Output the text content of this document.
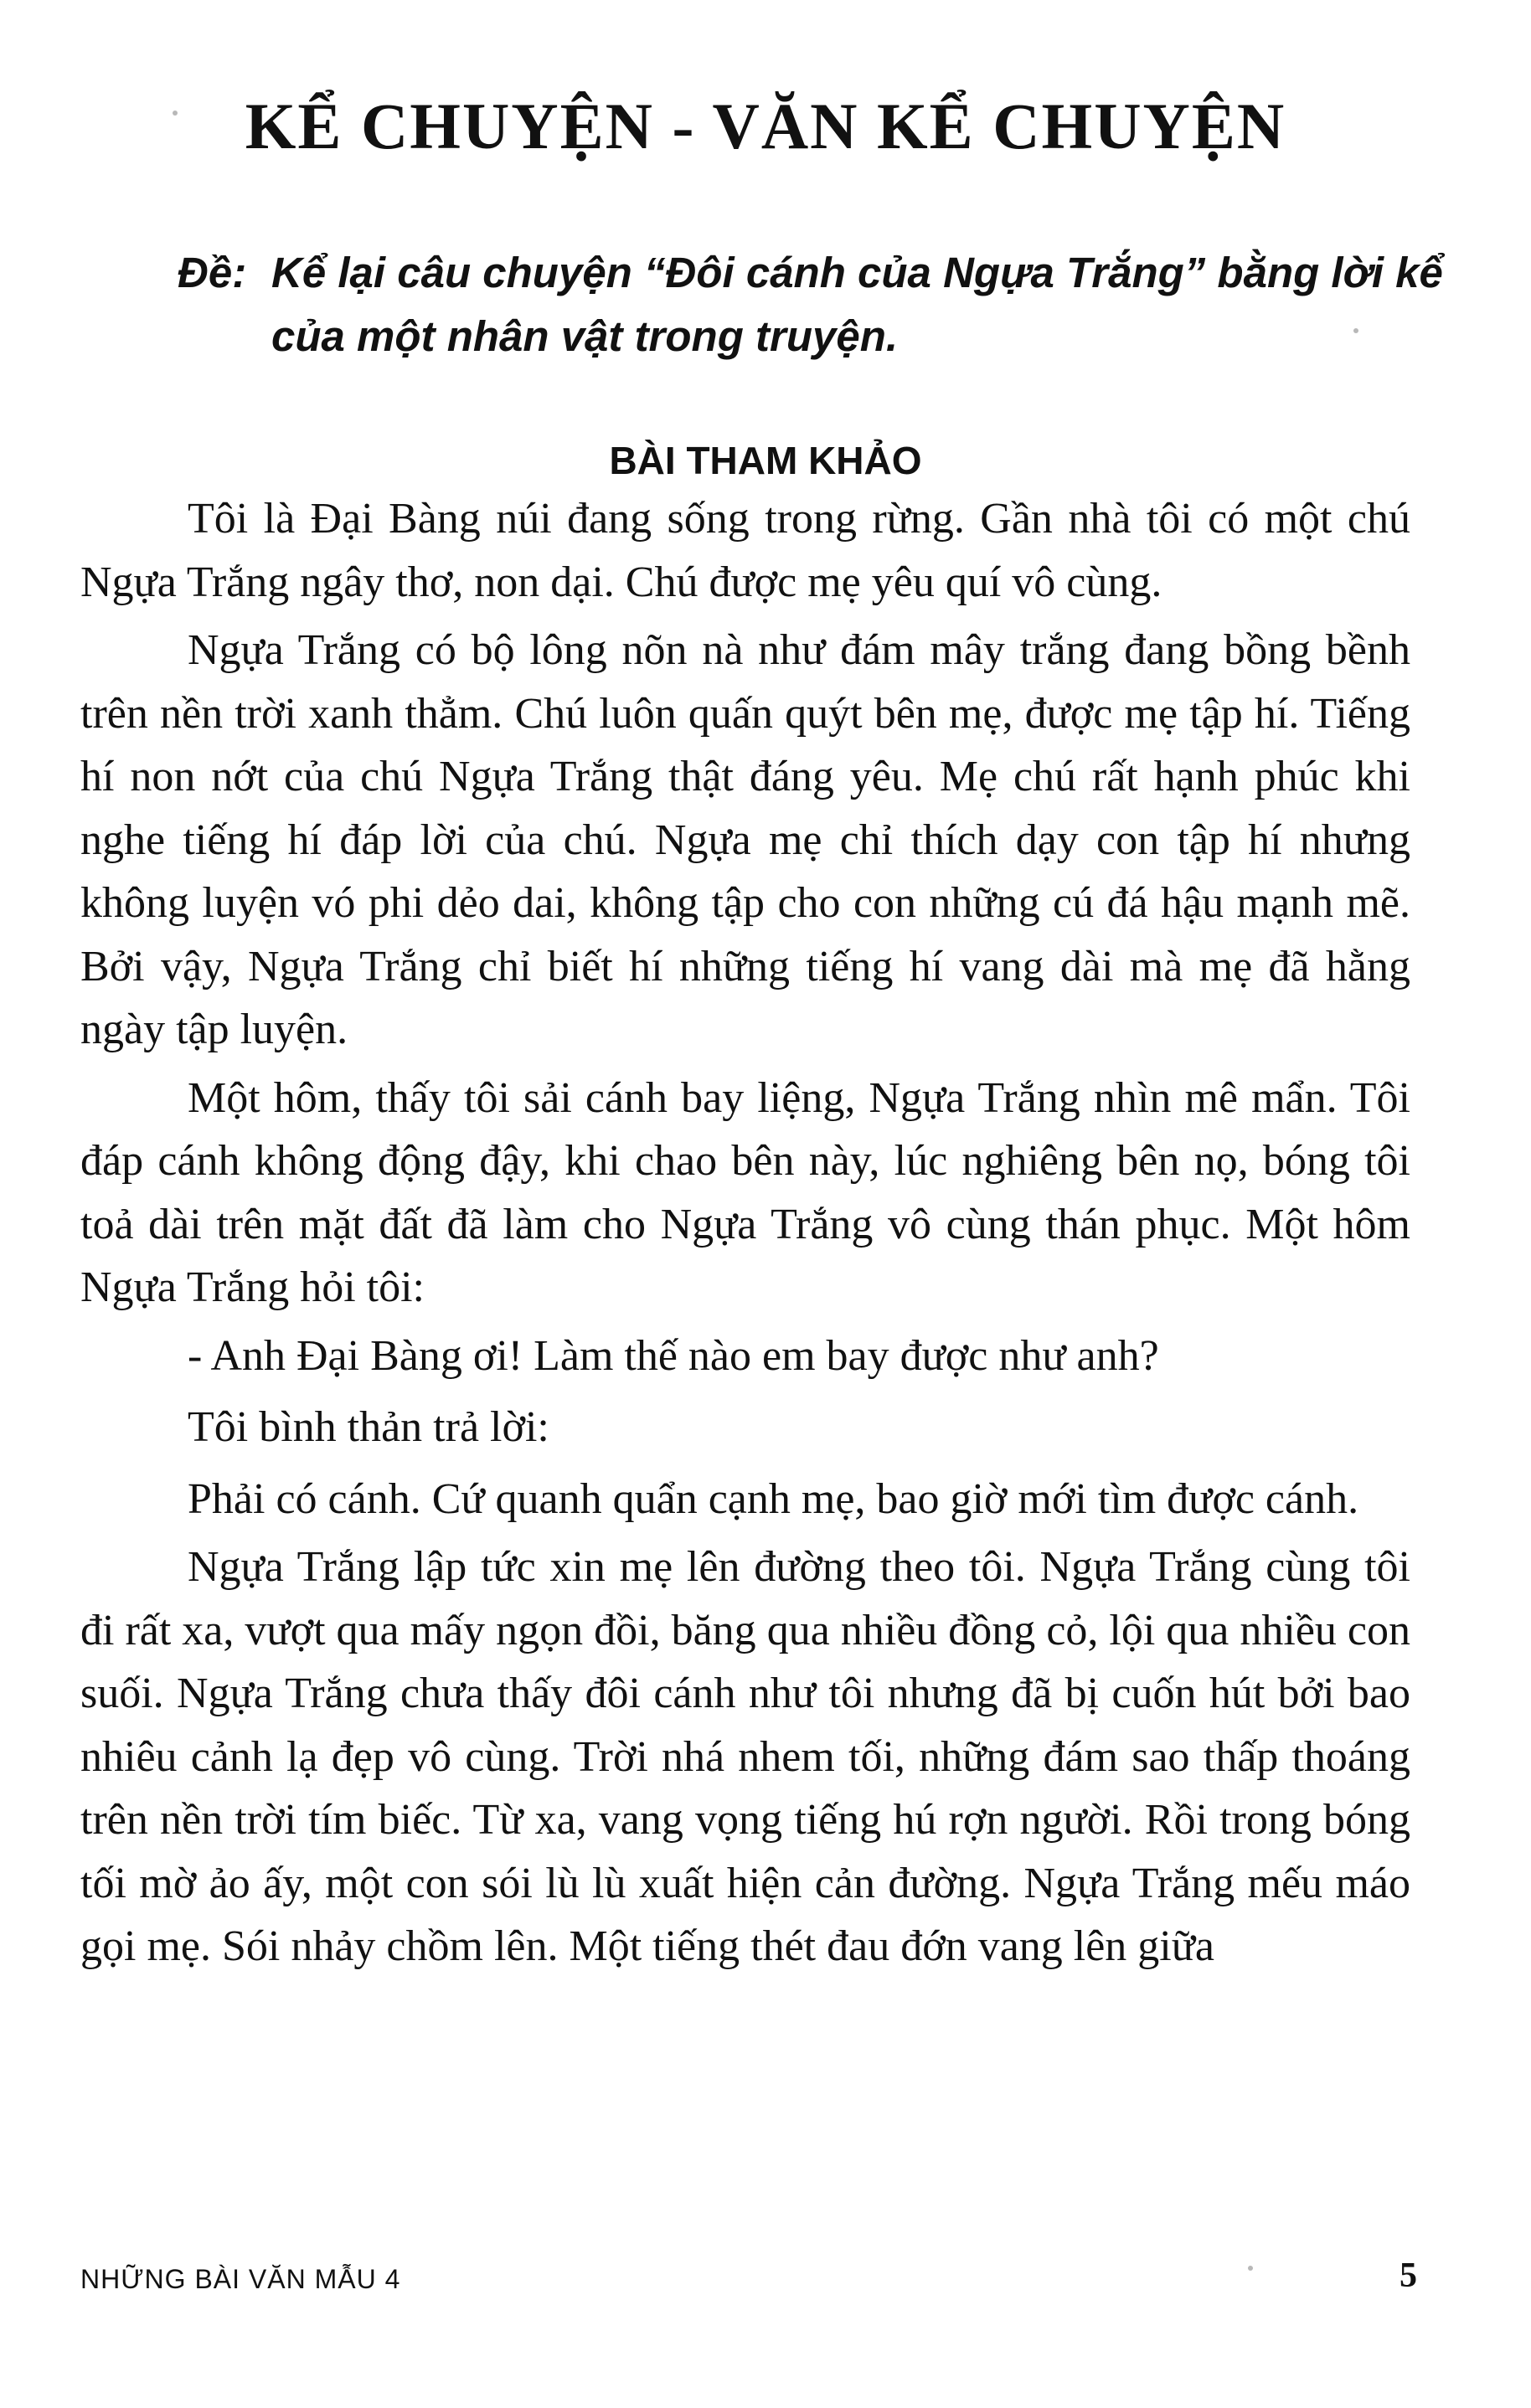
KỂ CHUYỆN - VĂN KỂ CHUYỆN
Đề: Kể lại câu chuyện “Đôi cánh của Ngựa Trắng” bằng lời kể của một nhân vật trong truyện.
BÀI THAM KHẢO

Tôi là Đại Bàng núi đang sống trong rừng. Gần nhà tôi có một chú Ngựa Trắng ngây thơ, non dại. Chú được mẹ yêu quí vô cùng.

Ngựa Trắng có bộ lông nõn nà như đám mây trắng đang bồng bềnh trên nền trời xanh thẳm. Chú luôn quấn quýt bên mẹ, được mẹ tập hí. Tiếng hí non nớt của chú Ngựa Trắng thật đáng yêu. Mẹ chú rất hạnh phúc khi nghe tiếng hí đáp lời của chú. Ngựa mẹ chỉ thích dạy con tập hí nhưng không luyện vó phi dẻo dai, không tập cho con những cú đá hậu mạnh mẽ. Bởi vậy, Ngựa Trắng chỉ biết hí những tiếng hí vang dài mà mẹ đã hằng ngày tập luyện.

Một hôm, thấy tôi sải cánh bay liệng, Ngựa Trắng nhìn mê mẩn. Tôi đáp cánh không động đậy, khi chao bên này, lúc nghiêng bên nọ, bóng tôi toả dài trên mặt đất đã làm cho Ngựa Trắng vô cùng thán phục. Một hôm Ngựa Trắng hỏi tôi:

- Anh Đại Bàng ơi! Làm thế nào em bay được như anh?

Tôi bình thản trả lời:

Phải có cánh. Cứ quanh quẩn cạnh mẹ, bao giờ mới tìm được cánh.

Ngựa Trắng lập tức xin mẹ lên đường theo tôi. Ngựa Trắng cùng tôi đi rất xa, vượt qua mấy ngọn đồi, băng qua nhiều đồng cỏ, lội qua nhiều con suối. Ngựa Trắng chưa thấy đôi cánh như tôi nhưng đã bị cuốn hút bởi bao nhiêu cảnh lạ đẹp vô cùng. Trời nhá nhem tối, những đám sao thấp thoáng trên nền trời tím biếc. Từ xa, vang vọng tiếng hú rợn người. Rồi trong bóng tối mờ ảo ấy, một con sói lù lù xuất hiện cản đường. Ngựa Trắng mếu máo gọi mẹ. Sói nhảy chồm lên. Một tiếng thét đau đớn vang lên giữa

NHỮNG BÀI VĂN MẪU 4	5
